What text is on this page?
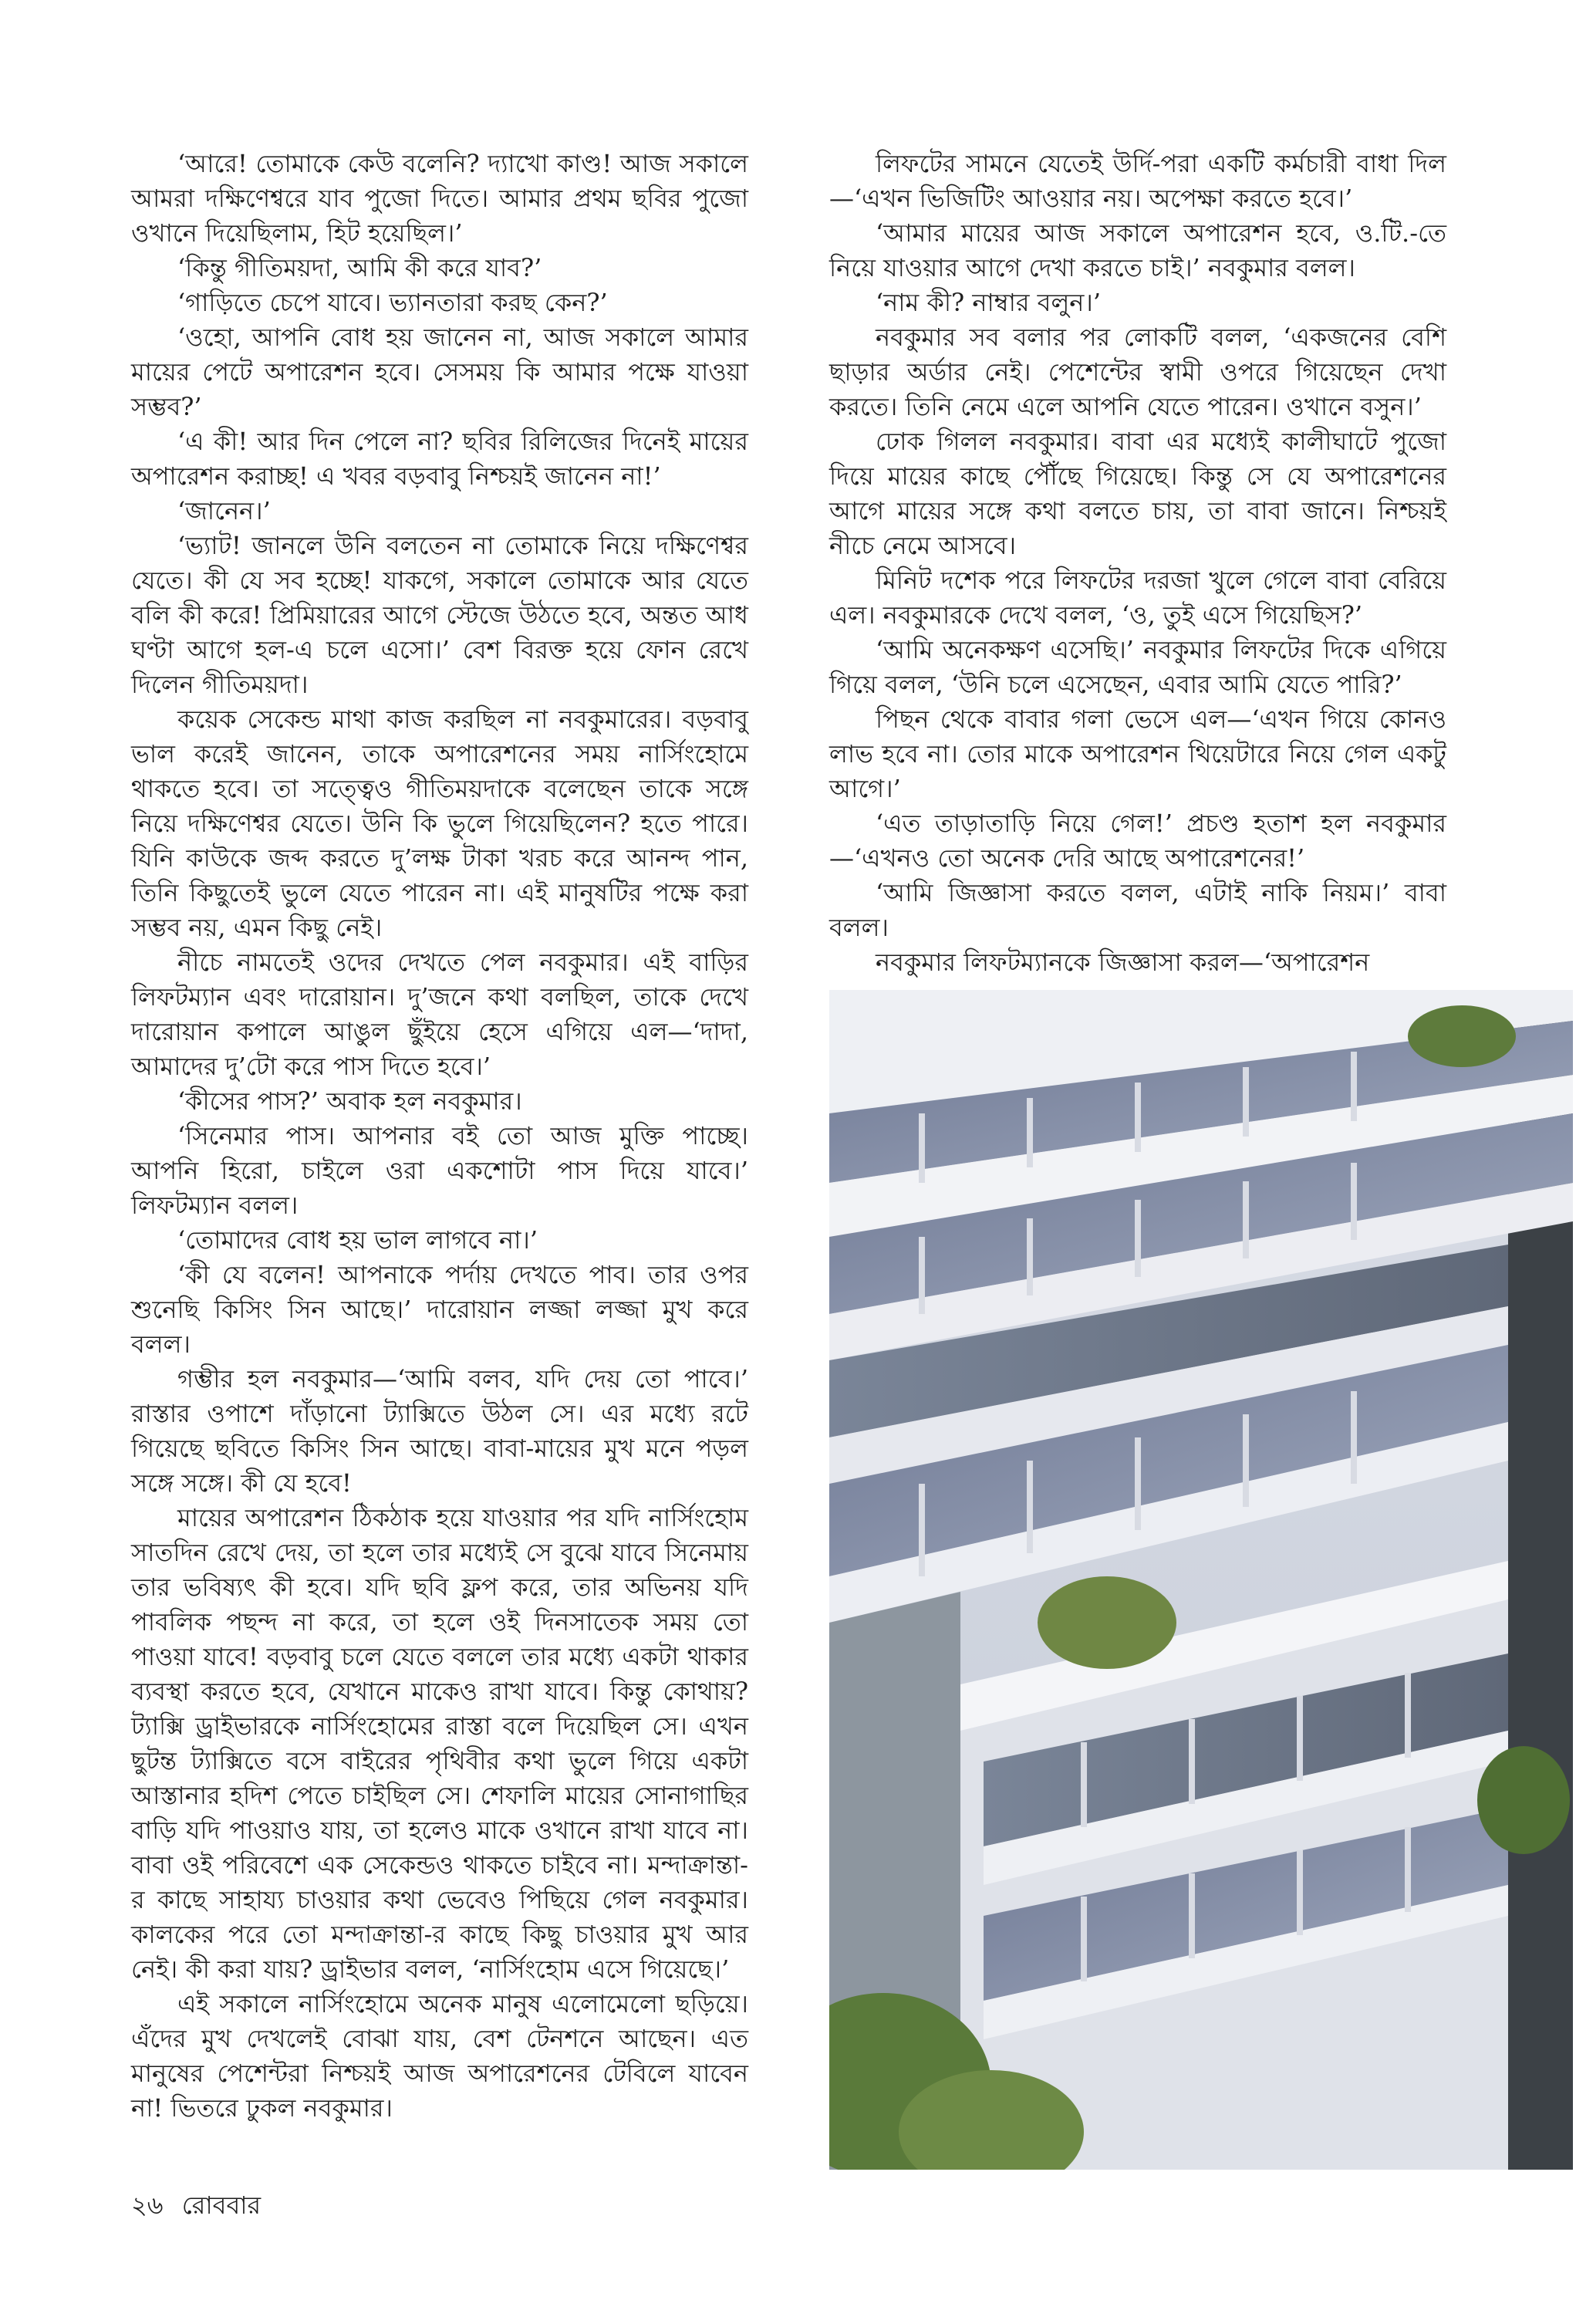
‘আরে! তোমাকে কেউ বলেনি? দ্যাখো কাণ্ড! আজ সকালে আমরা দক্ষিণেশ্বরে যাব পুজো দিতে। আমার প্রথম ছবির পুজো ওখানে দিয়েছিলাম, হিট হয়েছিল।’

‘কিন্তু গীতিময়দা, আমি কী করে যাব?’

‘গাড়িতে চেপে যাবে। ভ্যানতারা করছ কেন?’

‘ওহো, আপনি বোধ হয় জানেন না, আজ সকালে আমার মায়ের পেটে অপারেশন হবে। সেসময় কি আমার পক্ষে যাওয়া সম্ভব?’

‘এ কী! আর দিন পেলে না? ছবির রিলিজের দিনেই মায়ের অপারেশন করাচ্ছ! এ খবর বড়বাবু নিশ্চয়ই জানেন না!’

‘জানেন।’

‘ভ্যাট! জানলে উনি বলতেন না তোমাকে নিয়ে দক্ষিণেশ্বর যেতে। কী যে সব হচ্ছে! যাকগে, সকালে তোমাকে আর যেতে বলি কী করে! প্রিমিয়ারের আগে স্টেজে উঠতে হবে, অন্তত আধ ঘণ্টা আগে হল-এ চলে এসো।’ বেশ বিরক্ত হয়ে ফোন রেখে দিলেন গীতিময়দা।

কয়েক সেকেন্ড মাথা কাজ করছিল না নবকুমারের। বড়বাবু ভাল করেই জানেন, তাকে অপারেশনের সময় নার্সিংহোমে থাকতে হবে। তা সত্ত্বেও গীতিময়দাকে বলেছেন তাকে সঙ্গে নিয়ে দক্ষিণেশ্বর যেতে। উনি কি ভুলে গিয়েছিলেন? হতে পারে। যিনি কাউকে জব্দ করতে দু’লক্ষ টাকা খরচ করে আনন্দ পান, তিনি কিছুতেই ভুলে যেতে পারেন না। এই মানুষটির পক্ষে করা সম্ভব নয়, এমন কিছু নেই।

নীচে নামতেই ওদের দেখতে পেল নবকুমার। এই বাড়ির লিফটম্যান এবং দারোয়ান। দু’জনে কথা বলছিল, তাকে দেখে দারোয়ান কপালে আঙুল ছুঁইয়ে হেসে এগিয়ে এল—‘দাদা, আমাদের দু’টো করে পাস দিতে হবে।’

‘কীসের পাস?’ অবাক হল নবকুমার।

‘সিনেমার পাস। আপনার বই তো আজ মুক্তি পাচ্ছে। আপনি হিরো, চাইলে ওরা একশোটা পাস দিয়ে যাবে।’ লিফটম্যান বলল।

‘তোমাদের বোধ হয় ভাল লাগবে না।’

‘কী যে বলেন! আপনাকে পর্দায় দেখতে পাব। তার ওপর শুনেছি কিসিং সিন আছে।’ দারোয়ান লজ্জা লজ্জা মুখ করে বলল।

গম্ভীর হল নবকুমার—‘আমি বলব, যদি দেয় তো পাবে।’ রাস্তার ওপাশে দাঁড়ানো ট্যাক্সিতে উঠল সে। এর মধ্যে রটে গিয়েছে ছবিতে কিসিং সিন আছে। বাবা-মায়ের মুখ মনে পড়ল সঙ্গে সঙ্গে। কী যে হবে!

মায়ের অপারেশন ঠিকঠাক হয়ে যাওয়ার পর যদি নার্সিংহোম সাতদিন রেখে দেয়, তা হলে তার মধ্যেই সে বুঝে যাবে সিনেমায় তার ভবিষ্যৎ কী হবে। যদি ছবি ফ্লপ করে, তার অভিনয় যদি পাবলিক পছন্দ না করে, তা হলে ওই দিনসাতেক সময় তো পাওয়া যাবে! বড়বাবু চলে যেতে বললে তার মধ্যে একটা থাকার ব্যবস্থা করতে হবে, যেখানে মাকেও রাখা যাবে। কিন্তু কোথায়? ট্যাক্সি ড্রাইভারকে নার্সিংহোমের রাস্তা বলে দিয়েছিল সে। এখন ছুটন্ত ট্যাক্সিতে বসে বাইরের পৃথিবীর কথা ভুলে গিয়ে একটা আস্তানার হদিশ পেতে চাইছিল সে। শেফালি মায়ের সোনাগাছির বাড়ি যদি পাওয়াও যায়, তা হলেও মাকে ওখানে রাখা যাবে না। বাবা ওই পরিবেশে এক সেকেন্ডও থাকতে চাইবে না। মন্দাক্রান্তা-র কাছে সাহায্য চাওয়ার কথা ভেবেও পিছিয়ে গেল নবকুমার। কালকের পরে তো মন্দাক্রান্তা-র কাছে কিছু চাওয়ার মুখ আর নেই। কী করা যায়? ড্রাইভার বলল, ‘নার্সিংহোম এসে গিয়েছে।’

এই সকালে নার্সিংহোমে অনেক মানুষ এলোমেলো ছড়িয়ে। এঁদের মুখ দেখলেই বোঝা যায়, বেশ টেনশনে আছেন। এত মানুষের পেশেন্টরা নিশ্চয়ই আজ অপারেশনের টেবিলে যাবেন না! ভিতরে ঢুকল নবকুমার।

লিফটের সামনে যেতেই উর্দি-পরা একটি কর্মচারী বাধা দিল—‘এখন ভিজিটিং আওয়ার নয়। অপেক্ষা করতে হবে।’

‘আমার মায়ের আজ সকালে অপারেশন হবে, ও.টি.-তে নিয়ে যাওয়ার আগে দেখা করতে চাই।’ নবকুমার বলল।

‘নাম কী? নাম্বার বলুন।’

নবকুমার সব বলার পর লোকটি বলল, ‘একজনের বেশি ছাড়ার অর্ডার নেই। পেশেন্টের স্বামী ওপরে গিয়েছেন দেখা করতে। তিনি নেমে এলে আপনি যেতে পারেন। ওখানে বসুন।’

ঢোক গিলল নবকুমার। বাবা এর মধ্যেই কালীঘাটে পুজো দিয়ে মায়ের কাছে পৌঁছে গিয়েছে। কিন্তু সে যে অপারেশনের আগে মায়ের সঙ্গে কথা বলতে চায়, তা বাবা জানে। নিশ্চয়ই নীচে নেমে আসবে।

মিনিট দশেক পরে লিফটের দরজা খুলে গেলে বাবা বেরিয়ে এল। নবকুমারকে দেখে বলল, ‘ও, তুই এসে গিয়েছিস?’

‘আমি অনেকক্ষণ এসেছি।’ নবকুমার লিফটের দিকে এগিয়ে গিয়ে বলল, ‘উনি চলে এসেছেন, এবার আমি যেতে পারি?’

পিছন থেকে বাবার গলা ভেসে এল—‘এখন গিয়ে কোনও লাভ হবে না। তোর মাকে অপারেশন থিয়েটারে নিয়ে গেল একটু আগে।’

‘এত তাড়াতাড়ি নিয়ে গেল!’ প্রচণ্ড হতাশ হল নবকুমার—‘এখনও তো অনেক দেরি আছে অপারেশনের!’

‘আমি জিজ্ঞাসা করতে বলল, এটাই নাকি নিয়ম।’ বাবা বলল।

নবকুমার লিফটম্যানকে জিজ্ঞাসা করল—‘অপারেশন

২৬ রোববার
